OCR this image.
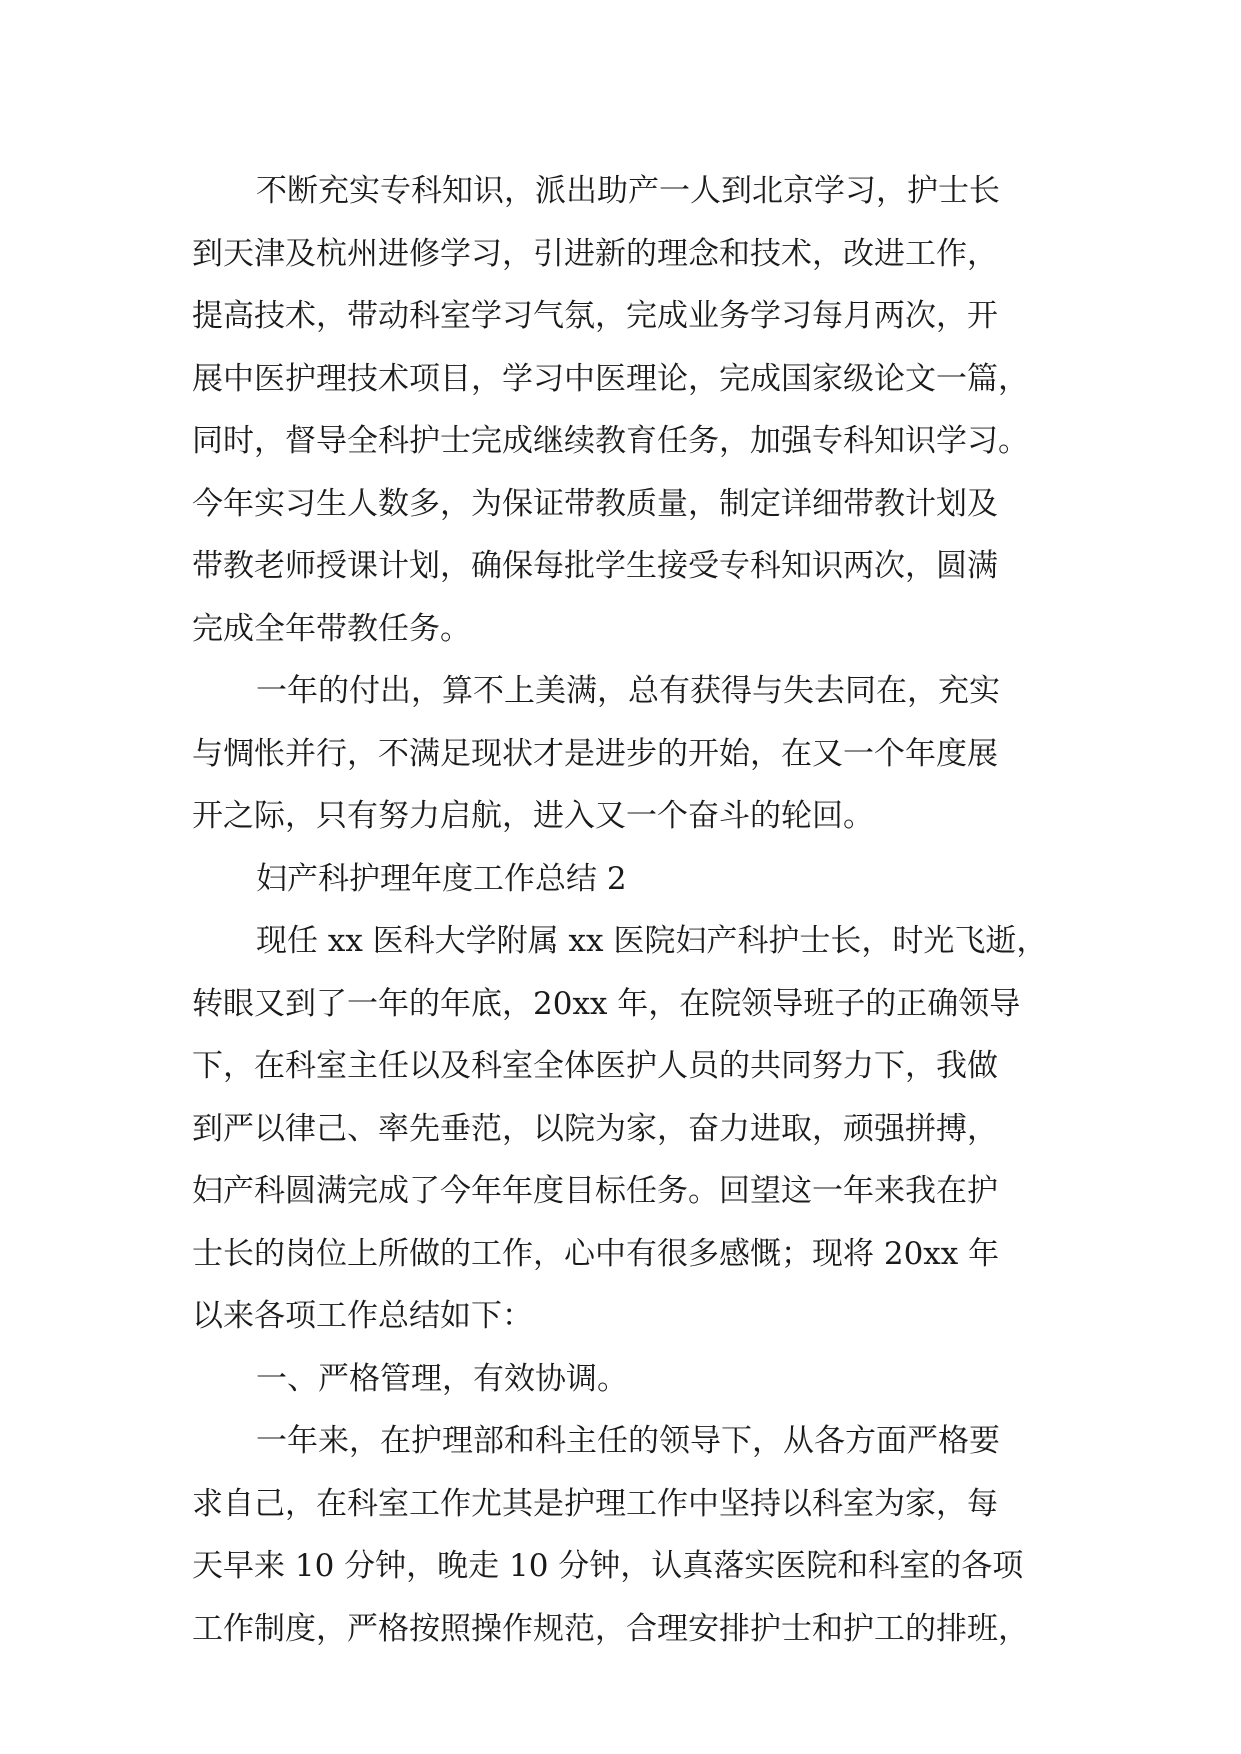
不断充实专科知识，派出助产一人到北京学习，护士长
到天津及杭州进修学习，引进新的理念和技术，改进工作，
提高技术，带动科室学习气氛，完成业务学习每月两次，开
展中医护理技术项目，学习中医理论，完成国家级论文一篇，
同时，督导全科护士完成继续教育任务，加强专科知识学习。
今年实习生人数多，为保证带教质量，制定详细带教计划及
带教老师授课计划，确保每批学生接受专科知识两次，圆满
完成全年带教任务。
一年的付出，算不上美满，总有获得与失去同在，充实
与惆怅并行，不满足现状才是进步的开始，在又一个年度展
开之际，只有努力启航，进入又一个奋斗的轮回。
妇产科护理年度工作总结 2
现任 xx 医科大学附属 xx 医院妇产科护士长，时光飞逝，
转眼又到了一年的年底，20xx 年，在院领导班子的正确领导
下，在科室主任以及科室全体医护人员的共同努力下，我做
到严以律己、率先垂范，以院为家，奋力进取，顽强拼搏，
妇产科圆满完成了今年年度目标任务。回望这一年来我在护
士长的岗位上所做的工作，心中有很多感慨；现将 20xx 年
以来各项工作总结如下：
一、严格管理，有效协调。
一年来，在护理部和科主任的领导下，从各方面严格要
求自己，在科室工作尤其是护理工作中坚持以科室为家，每
天早来 10 分钟，晚走 10 分钟，认真落实医院和科室的各项
工作制度，严格按照操作规范，合理安排护士和护工的排班，
